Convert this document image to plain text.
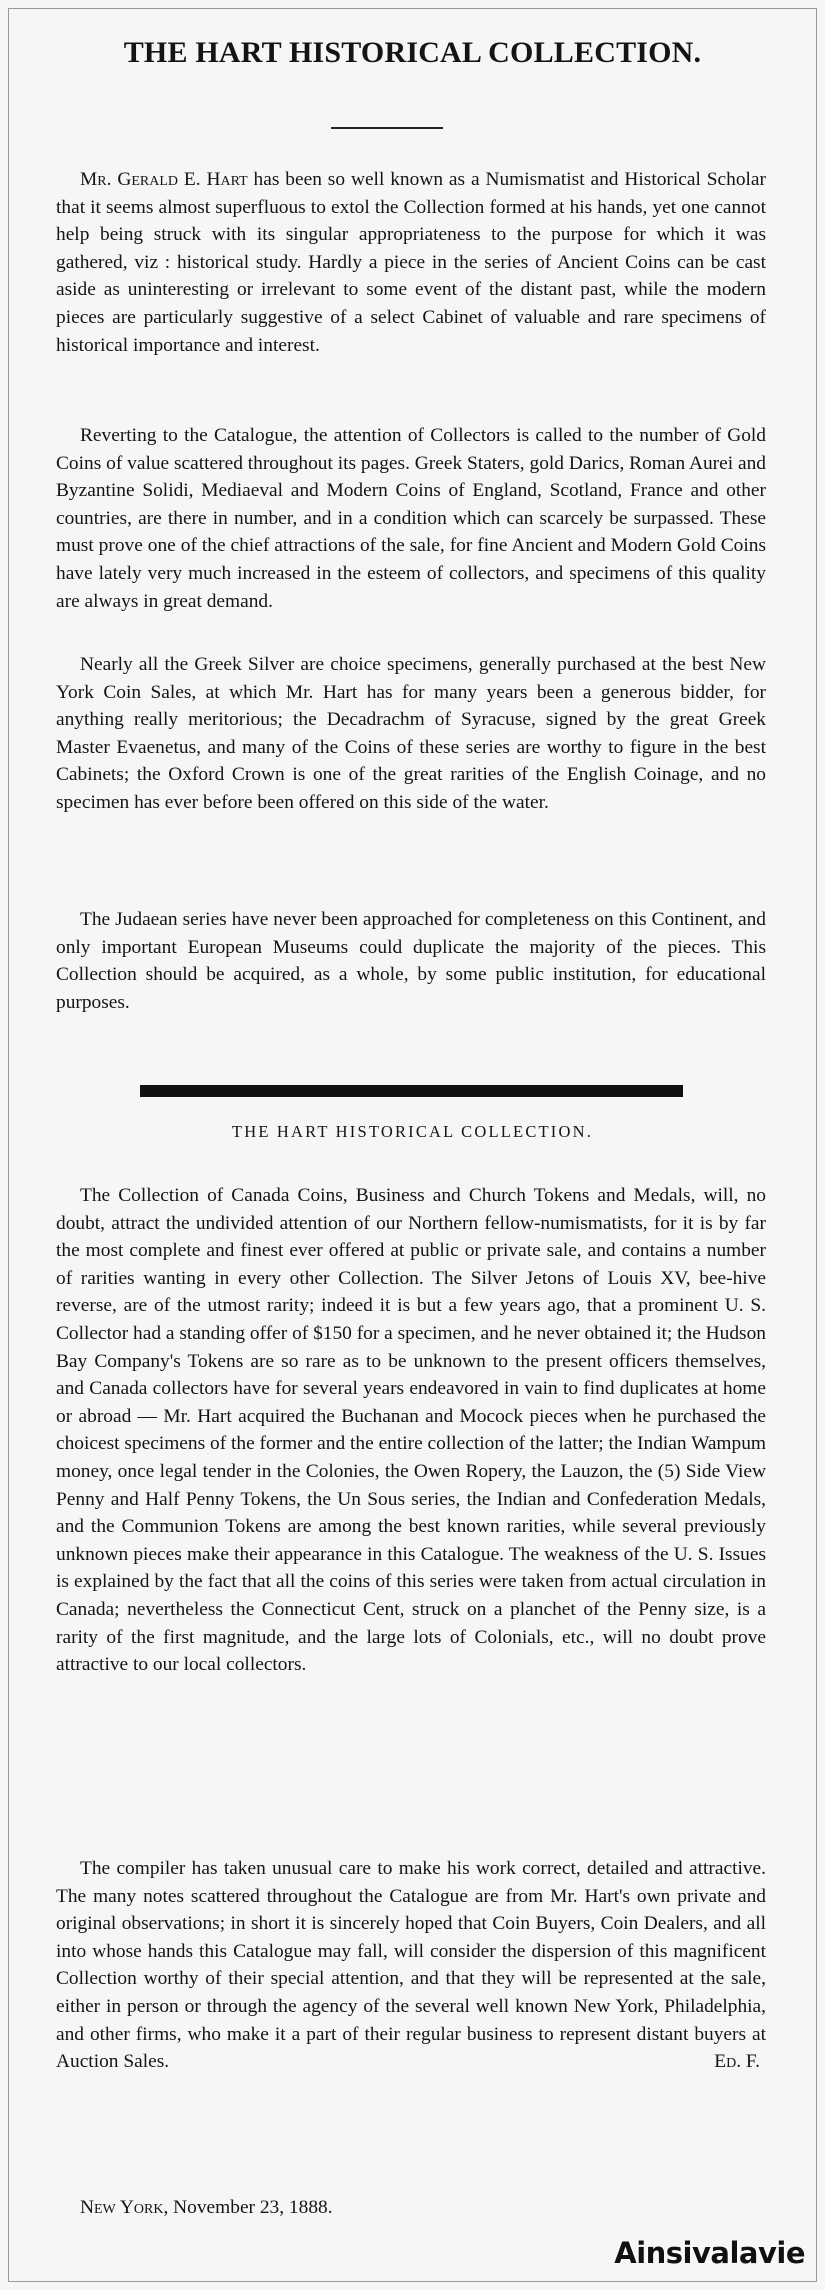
THE HART HISTORICAL COLLECTION.

Mr. Gerald E. Hart has been so well known as a Numismatist and Historical Scholar that it seems almost superfluous to extol the Collection formed at his hands, yet one cannot help being struck with its singular appropriateness to the purpose for which it was gathered, viz : historical study. Hardly a piece in the series of Ancient Coins can be cast aside as uninteresting or irrelevant to some event of the distant past, while the modern pieces are particularly suggestive of a select Cabinet of valuable and rare specimens of historical importance and interest.

Reverting to the Catalogue, the attention of Collectors is called to the number of Gold Coins of value scattered throughout its pages. Greek Staters, gold Darics, Roman Aurei and Byzantine Solidi, Mediaeval and Modern Coins of England, Scotland, France and other countries, are there in number, and in a condition which can scarcely be surpassed. These must prove one of the chief attractions of the sale, for fine Ancient and Modern Gold Coins have lately very much increased in the esteem of collectors, and specimens of this quality are always in great demand.

Nearly all the Greek Silver are choice specimens, generally purchased at the best New York Coin Sales, at which Mr. Hart has for many years been a generous bidder, for anything really meritorious; the Decadrachm of Syracuse, signed by the great Greek Master Evaenetus, and many of the Coins of these series are worthy to figure in the best Cabinets; the Oxford Crown is one of the great rarities of the English Coinage, and no specimen has ever before been offered on this side of the water.

The Judaean series have never been approached for completeness on this Continent, and only important European Museums could duplicate the majority of the pieces. This Collection should be acquired, as a whole, by some public institution, for educational purposes.

THE HART HISTORICAL COLLECTION.

The Collection of Canada Coins, Business and Church Tokens and Medals, will, no doubt, attract the undivided attention of our Northern fellow-numismatists, for it is by far the most complete and finest ever offered at public or private sale, and contains a number of rarities wanting in every other Collection. The Silver Jetons of Louis XV, bee-hive reverse, are of the utmost rarity; indeed it is but a few years ago, that a prominent U. S. Collector had a standing offer of $150 for a specimen, and he never obtained it; the Hudson Bay Company's Tokens are so rare as to be unknown to the present officers themselves, and Canada collectors have for several years endeavored in vain to find duplicates at home or abroad — Mr. Hart acquired the Buchanan and Mocock pieces when he purchased the choicest specimens of the former and the entire collection of the latter; the Indian Wampum money, once legal tender in the Colonies, the Owen Ropery, the Lauzon, the (5) Side View Penny and Half Penny Tokens, the Un Sous series, the Indian and Confederation Medals, and the Communion Tokens are among the best known rarities, while several previously unknown pieces make their appearance in this Catalogue. The weakness of the U. S. Issues is explained by the fact that all the coins of this series were taken from actual circulation in Canada; nevertheless the Connecticut Cent, struck on a planchet of the Penny size, is a rarity of the first magnitude, and the large lots of Colonials, etc., will no doubt prove attractive to our local collectors.

The compiler has taken unusual care to make his work correct, detailed and attractive. The many notes scattered throughout the Catalogue are from Mr. Hart's own private and original observations; in short it is sincerely hoped that Coin Buyers, Coin Dealers, and all into whose hands this Catalogue may fall, will consider the dispersion of this magnificent Collection worthy of their special attention, and that they will be represented at the sale, either in person or through the agency of the several well known New York, Philadelphia, and other firms, who make it a part of their regular business to represent distant buyers at Auction Sales.	Ed. F.
New York, November 23, 1888.
Ainsivalavie
